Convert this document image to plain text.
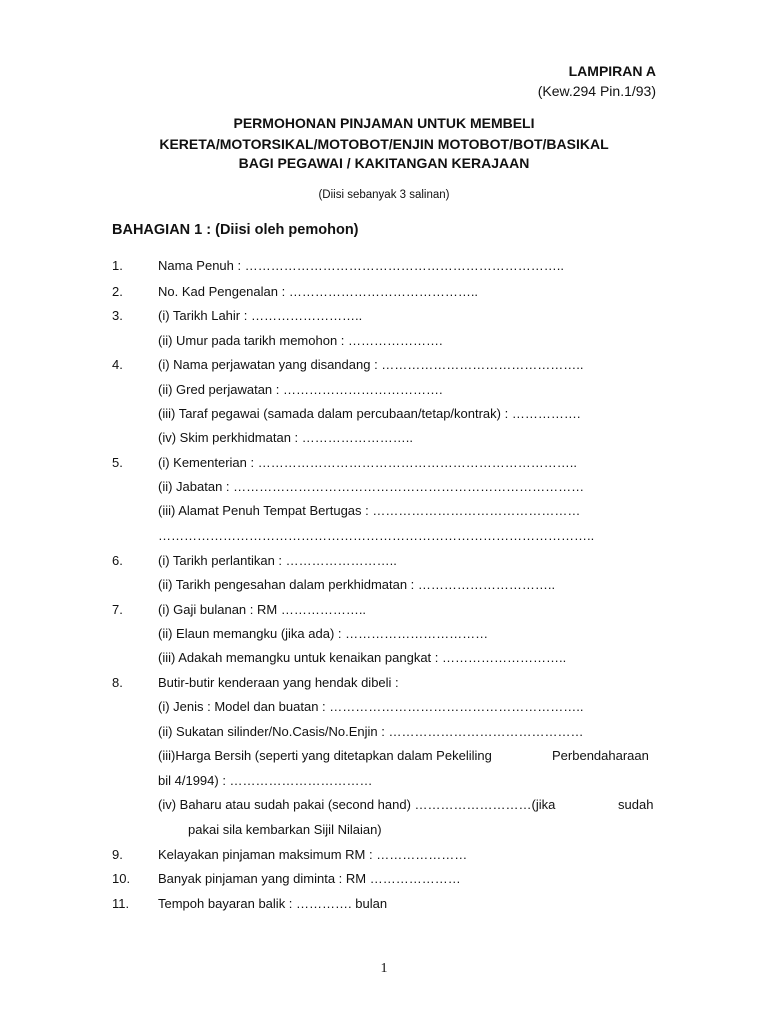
LAMPIRAN A
(Kew.294 Pin.1/93)
PERMOHONAN PINJAMAN UNTUK MEMBELI
KERETA/MOTORSIKAL/MOTOBOT/ENJIN MOTOBOT/BOT/BASIKAL
BAGI PEGAWAI / KAKITANGAN KERAJAAN
(Diisi sebanyak 3 salinan)
BAHAGIAN 1 : (Diisi oleh pemohon)
1.	Nama Penuh : ………………………………………………………………..
2.	No. Kad Pengenalan : ……………………………………..
3.	(i) Tarikh Lahir : ……………………..
(ii) Umur pada tarikh memohon : ………………….
4.	(i) Nama perjawatan yang disandang : ………………………………………..
(ii) Gred perjawatan : ……………………………….
(iii) Taraf pegawai (samada dalam percubaan/tetap/kontrak) : …………….
(iv) Skim perkhidmatan : ……………………..
5.	(i) Kementerian : ………………………………………………………………..
(ii) Jabatan : ………………………………………………………………………
(iii) Alamat Penuh Tempat Bertugas : …………………………………………
………………………………………………………………………………………..
6.	(i) Tarikh perlantikan : ……………………..
(ii) Tarikh pengesahan dalam perkhidmatan : …………………………..
7.	(i) Gaji bulanan : RM ………………..
(ii) Elaun memangku (jika ada) : ……………………………
(iii) Adakah memangku untuk kenaikan pangkat : ………………………..
8.	Butir-butir kenderaan yang hendak dibeli :
(i) Jenis : Model dan buatan : …………………………………………………..
(ii) Sukatan silinder/No.Casis/No.Enjin : ………………………………………
(iii)Harga Bersih (seperti yang ditetapkan dalam Pekeliling	Perbendaharaan
bil 4/1994) : ……………………………
(iv) Baharu atau sudah pakai (second hand) ………………………(jika	sudah
pakai sila kembarkan Sijil Nilaian)
9.	Kelayakan pinjaman maksimum RM : …………………
10. Banyak pinjaman yang diminta : RM …………………
11. Tempoh bayaran balik : …………. bulan
1
